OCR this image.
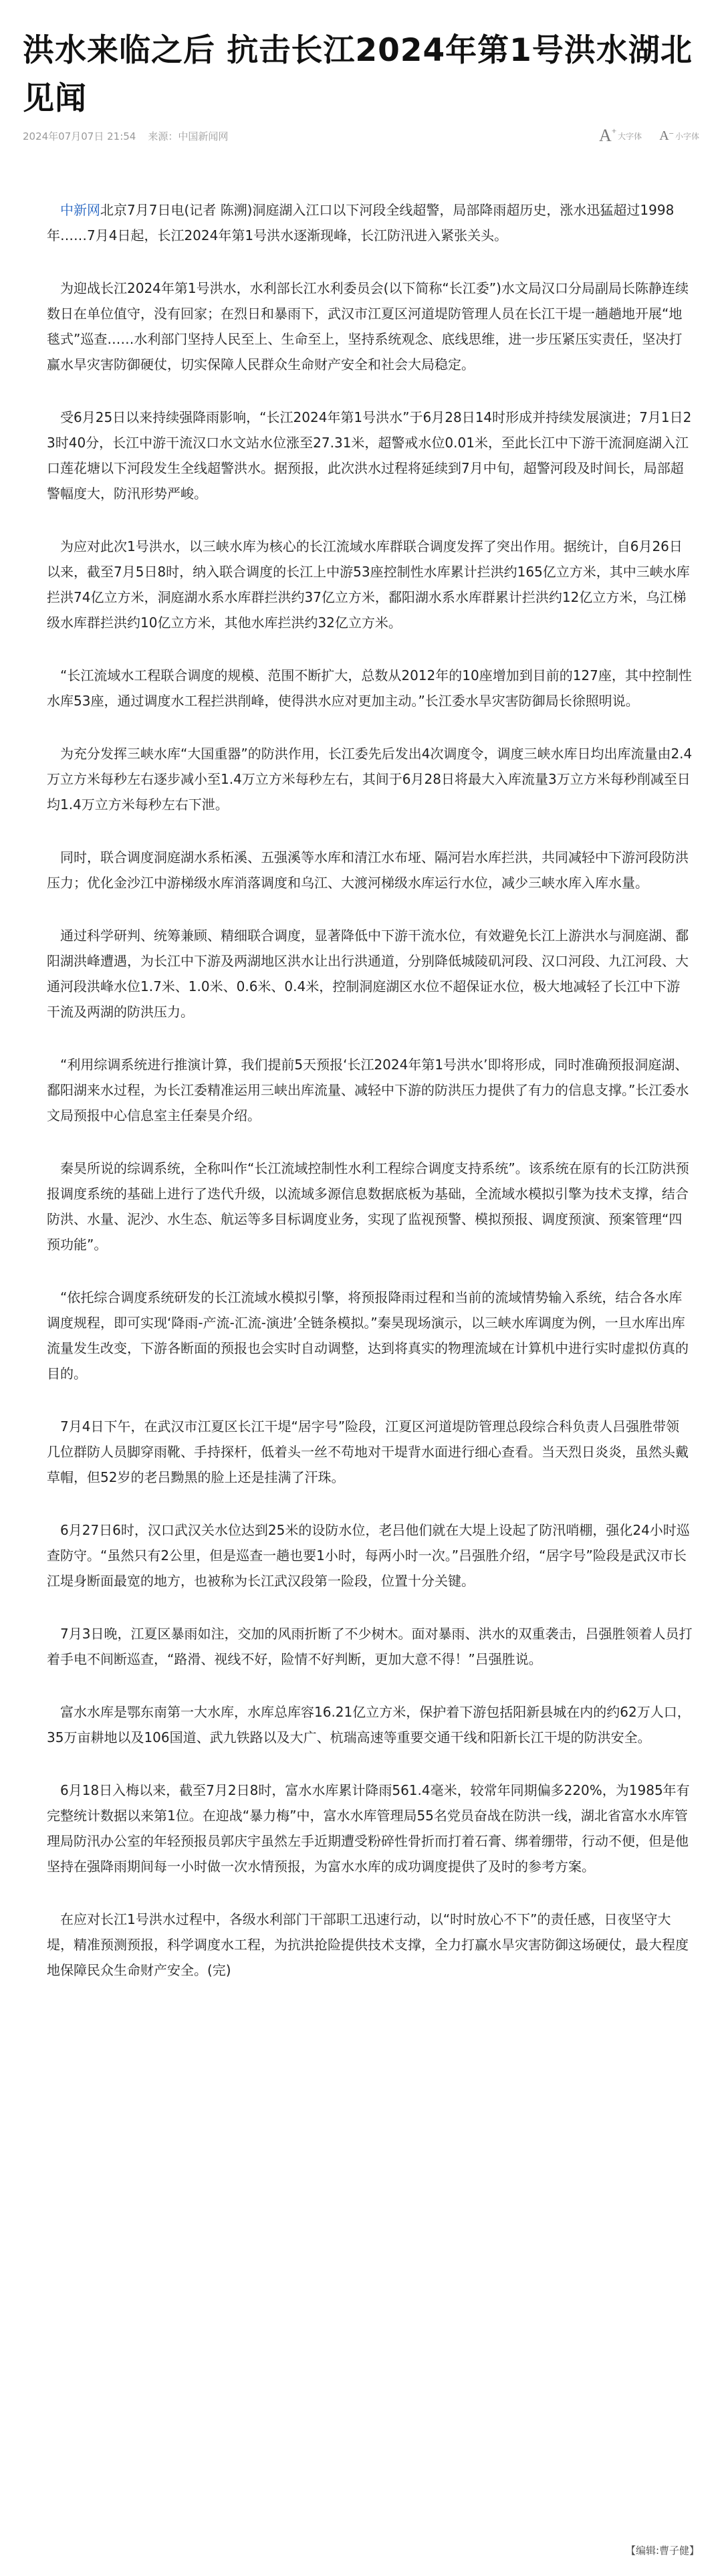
洪水来临之后 抗击长江2024年第1号洪水湖北见闻
2024年07月07日 21:54 来源：中国新闻网	A+
大字体 A− 小字体

中新网北京7月7日电(记者 陈溯)洞庭湖入江口以下河段全线超警，局部降雨超历史，涨水迅猛超过1998年……7月4日起，长江2024年第1号洪水逐渐现峰，长江防汛进入紧张关头。

为迎战长江2024年第1号洪水，水利部长江水利委员会(以下简称“长江委”)水文局汉口分局副局长陈静连续数日在单位值守，没有回家；在烈日和暴雨下，武汉市江夏区河道堤防管理人员在长江干堤一趟趟地开展“地毯式”巡查……水利部门坚持人民至上、生命至上，坚持系统观念、底线思维，进一步压紧压实责任，坚决打赢水旱灾害防御硬仗，切实保障人民群众生命财产安全和社会大局稳定。

受6月25日以来持续强降雨影响，“长江2024年第1号洪水”于6月28日14时形成并持续发展演进；7月1日23时40分，长江中游干流汉口水文站水位涨至27.31米，超警戒水位0.01米，至此长江中下游干流洞庭湖入江口莲花塘以下河段发生全线超警洪水。据预报，此次洪水过程将延续到7月中旬，超警河段及时间长，局部超警幅度大，防汛形势严峻。

为应对此次1号洪水，以三峡水库为核心的长江流域水库群联合调度发挥了突出作用。据统计，自6月26日以来，截至7月5日8时，纳入联合调度的长江上中游53座控制性水库累计拦洪约165亿立方米，其中三峡水库拦洪74亿立方米，洞庭湖水系水库群拦洪约37亿立方米，鄱阳湖水系水库群累计拦洪约12亿立方米，乌江梯级水库群拦洪约10亿立方米，其他水库拦洪约32亿立方米。

“长江流域水工程联合调度的规模、范围不断扩大，总数从2012年的10座增加到目前的127座，其中控制性水库53座，通过调度水工程拦洪削峰，使得洪水应对更加主动。”长江委水旱灾害防御局长徐照明说。

为充分发挥三峡水库“大国重器”的防洪作用，长江委先后发出4次调度令，调度三峡水库日均出库流量由2.4万立方米每秒左右逐步减小至1.4万立方米每秒左右，其间于6月28日将最大入库流量3万立方米每秒削减至日均1.4万立方米每秒左右下泄。

同时，联合调度洞庭湖水系柘溪、五强溪等水库和清江水布垭、隔河岩水库拦洪，共同减轻中下游河段防洪压力；优化金沙江中游梯级水库消落调度和乌江、大渡河梯级水库运行水位，减少三峡水库入库水量。

通过科学研判、统筹兼顾、精细联合调度，显著降低中下游干流水位，有效避免长江上游洪水与洞庭湖、鄱阳湖洪峰遭遇，为长江中下游及两湖地区洪水让出行洪通道，分别降低城陵矶河段、汉口河段、九江河段、大通河段洪峰水位1.7米、1.0米、0.6米、0.4米，控制洞庭湖区水位不超保证水位，极大地减轻了长江中下游干流及两湖的防洪压力。

“利用综调系统进行推演计算，我们提前5天预报‘长江2024年第1号洪水’即将形成，同时准确预报洞庭湖、鄱阳湖来水过程，为长江委精准运用三峡出库流量、减轻中下游的防洪压力提供了有力的信息支撑。”长江委水文局预报中心信息室主任秦昊介绍。

秦昊所说的综调系统，全称叫作“长江流域控制性水利工程综合调度支持系统”。该系统在原有的长江防洪预报调度系统的基础上进行了迭代升级，以流域多源信息数据底板为基础，全流域水模拟引擎为技术支撑，结合防洪、水量、泥沙、水生态、航运等多目标调度业务，实现了监视预警、模拟预报、调度预演、预案管理“四预功能”。

“依托综合调度系统研发的长江流域水模拟引擎，将预报降雨过程和当前的流域情势输入系统，结合各水库调度规程，即可实现‘降雨-产流-汇流-演进’全链条模拟。”秦昊现场演示，以三峡水库调度为例，一旦水库出库流量发生改变，下游各断面的预报也会实时自动调整，达到将真实的物理流域在计算机中进行实时虚拟仿真的目的。

7月4日下午，在武汉市江夏区长江干堤“居字号”险段，江夏区河道堤防管理总段综合科负责人吕强胜带领几位群防人员脚穿雨靴、手持探杆，低着头一丝不苟地对干堤背水面进行细心查看。当天烈日炎炎，虽然头戴草帽，但52岁的老吕黝黑的脸上还是挂满了汗珠。

6月27日6时，汉口武汉关水位达到25米的设防水位，老吕他们就在大堤上设起了防汛哨棚，强化24小时巡查防守。“虽然只有2公里，但是巡查一趟也要1小时，每两小时一次。”吕强胜介绍，“居字号”险段是武汉市长江堤身断面最宽的地方，也被称为长江武汉段第一险段，位置十分关键。

7月3日晚，江夏区暴雨如注，交加的风雨折断了不少树木。面对暴雨、洪水的双重袭击，吕强胜领着人员打着手电不间断巡查，“路滑、视线不好，险情不好判断，更加大意不得！”吕强胜说。

富水水库是鄂东南第一大水库，水库总库容16.21亿立方米，保护着下游包括阳新县城在内的约62万人口，35万亩耕地以及106国道、武九铁路以及大广、杭瑞高速等重要交通干线和阳新长江干堤的防洪安全。

6月18日入梅以来，截至7月2日8时，富水水库累计降雨561.4毫米，较常年同期偏多220%，为1985年有完整统计数据以来第1位。在迎战“暴力梅”中，富水水库管理局55名党员奋战在防洪一线，湖北省富水水库管理局防汛办公室的年轻预报员郭庆宇虽然左手近期遭受粉碎性骨折而打着石膏、绑着绷带，行动不便，但是他坚持在强降雨期间每一小时做一次水情预报，为富水水库的成功调度提供了及时的参考方案。

在应对长江1号洪水过程中，各级水利部门干部职工迅速行动，以“时时放心不下”的责任感，日夜坚守大堤，精准预测预报，科学调度水工程，为抗洪抢险提供技术支撑，全力打赢水旱灾害防御这场硬仗，最大程度地保障民众生命财产安全。(完)

【编辑:曹子健】
